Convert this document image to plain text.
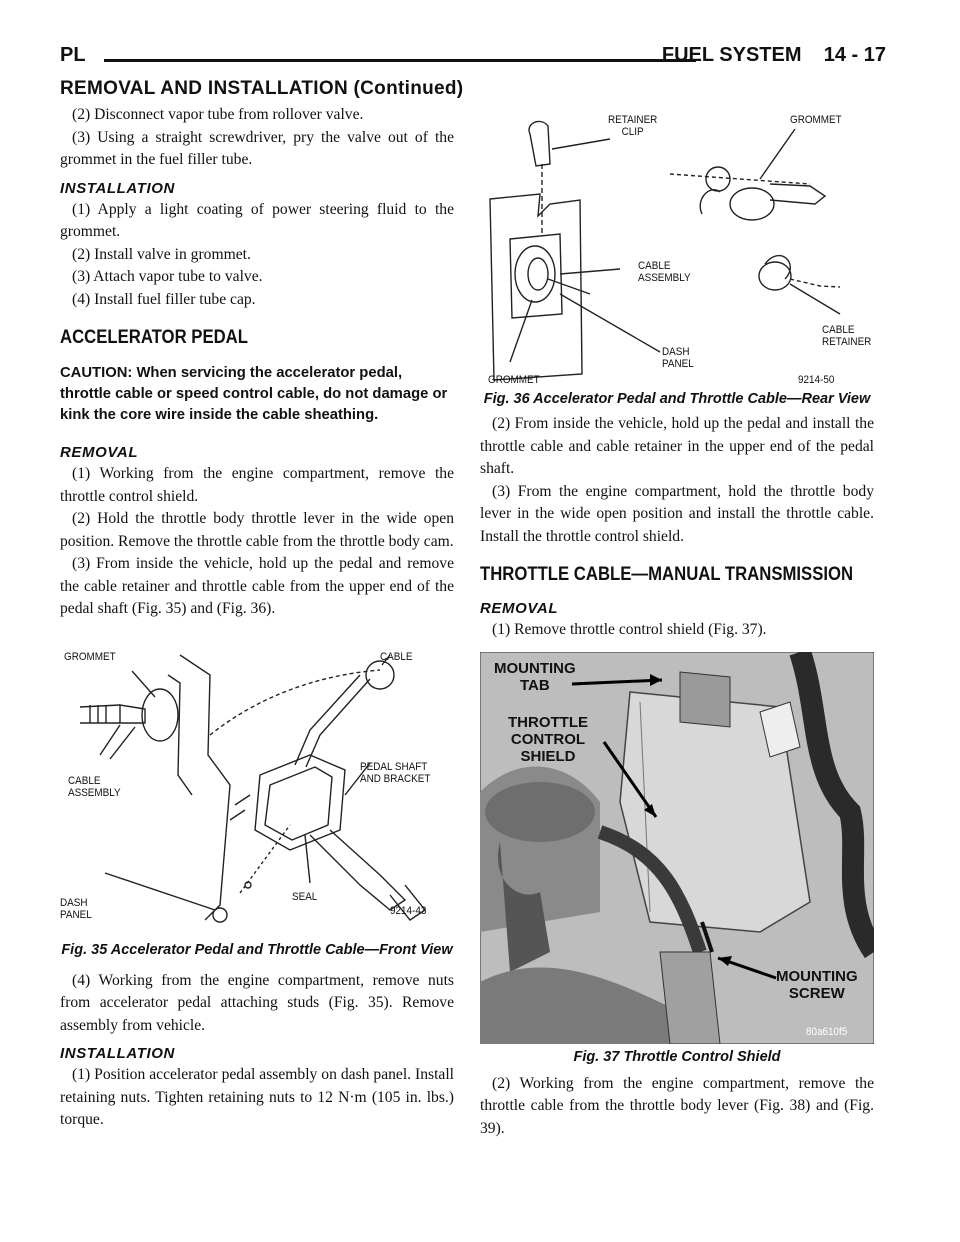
PL	FUEL SYSTEM    14 - 17
REMOVAL AND INSTALLATION (Continued)

(2) Disconnect vapor tube from rollover valve.

(3) Using a straight screwdriver, pry the valve out of the grommet in the fuel filler tube.

INSTALLATION

(1) Apply a light coating of power steering fluid to the grommet.

(2) Install valve in grommet.

(3) Attach vapor tube to valve.

(4) Install fuel filler tube cap.

ACCELERATOR PEDAL

CAUTION: When servicing the accelerator pedal, throttle cable or speed control cable, do not damage or kink the core wire inside the cable sheathing.

REMOVAL

(1) Working from the engine compartment, remove the throttle control shield.

(2) Hold the throttle body throttle lever in the wide open position. Remove the throttle cable from the throttle body cam.

(3) From inside the vehicle, hold up the pedal and remove the cable retainer and throttle cable from the upper end of the pedal shaft (Fig. 35) and (Fig. 36).

GROMMET	CABLE
PEDAL SHAFT
AND BRACKET
CABLE
ASSEMBLY
DASH
PANEL
SEAL
9214-43

Fig. 35 Accelerator Pedal and Throttle Cable—Front View

(4) Working from the engine compartment, remove nuts from accelerator pedal attaching studs (Fig. 35). Remove assembly from vehicle.

INSTALLATION

(1) Position accelerator pedal assembly on dash panel. Install retaining nuts. Tighten retaining nuts to 12 N·m (105 in. lbs.) torque.

RETAINER
CLIP
GROMMET
CABLE
ASSEMBLY
CABLE
RETAINER
DASH
PANEL
GROMMET	9214-50

Fig. 36 Accelerator Pedal and Throttle Cable—Rear View

(2) From inside the vehicle, hold up the pedal and install the throttle cable and cable retainer in the upper end of the pedal shaft.

(3) From the engine compartment, hold the throttle body lever in the wide open position and install the throttle cable. Install the throttle control shield.

THROTTLE CABLE—MANUAL TRANSMISSION
REMOVAL

(1) Remove throttle control shield (Fig. 37).

MOUNTING
TAB
THROTTLE
CONTROL
SHIELD
MOUNTING
SCREW
80a610f5

Fig. 37 Throttle Control Shield

(2) Working from the engine compartment, remove the throttle cable from the throttle body lever (Fig. 38) and (Fig. 39).
